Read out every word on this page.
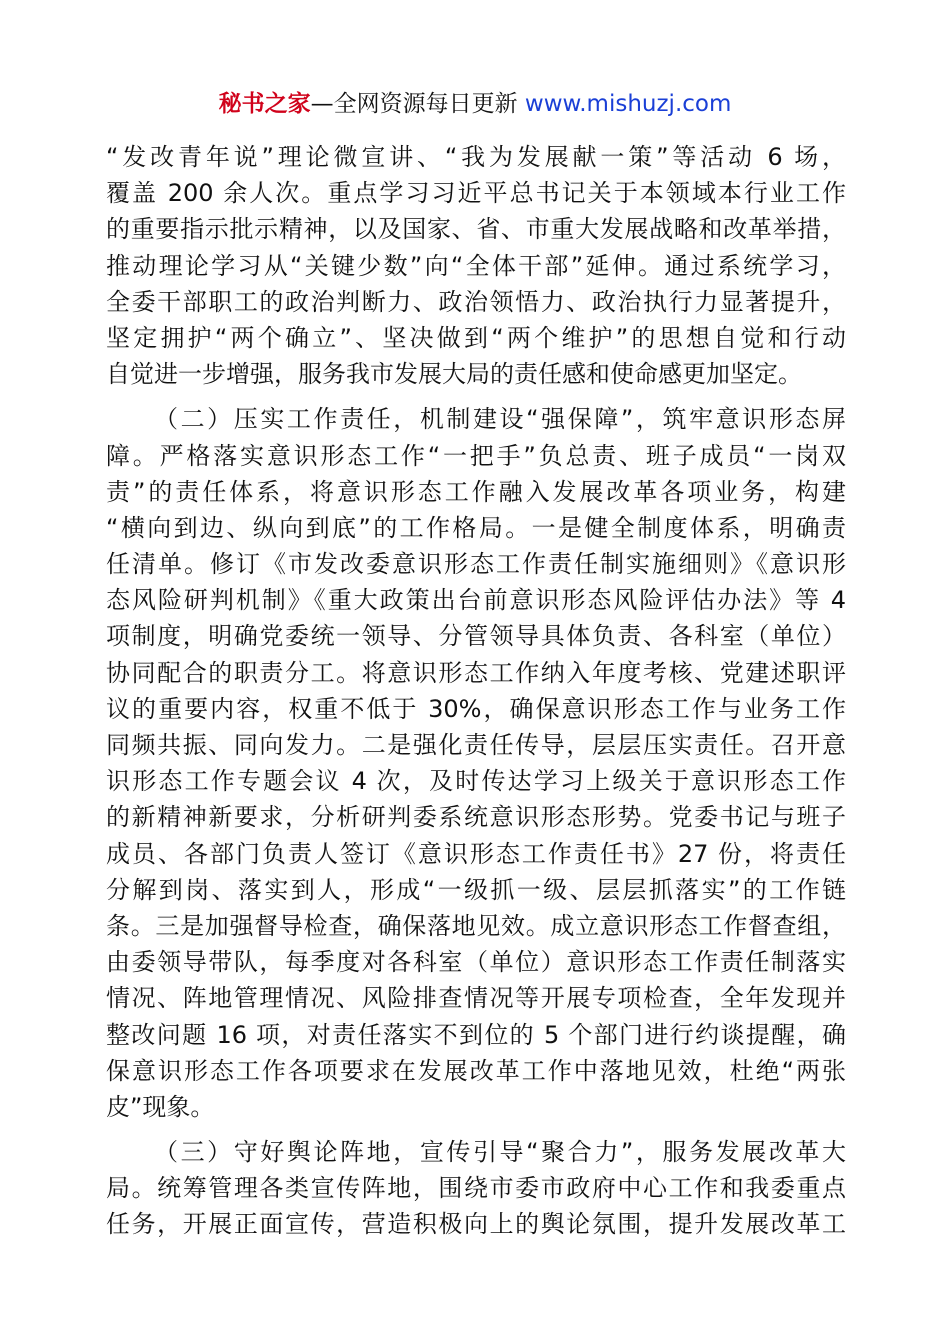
秘书之家—全网资源每日更新 www.mishuzj.com
“发改青年说”理论微宣讲、“我为发展献一策”等活动 6 场，
覆盖 200 余人次。重点学习习近平总书记关于本领域本行业工作
的重要指示批示精神，以及国家、省、市重大发展战略和改革举措，
推动理论学习从“关键少数”向“全体干部”延伸。通过系统学习，
全委干部职工的政治判断力、政治领悟力、政治执行力显著提升，
坚定拥护“两个确立”、坚决做到“两个维护”的思想自觉和行动
自觉进一步增强，服务我市发展大局的责任感和使命感更加坚定。
（二）压实工作责任，机制建设“强保障”，筑牢意识形态屏
障。严格落实意识形态工作“一把手”负总责、班子成员“一岗双
责”的责任体系，将意识形态工作融入发展改革各项业务，构建
“横向到边、纵向到底”的工作格局。一是健全制度体系，明确责
任清单。修订《市发改委意识形态工作责任制实施细则》《意识形
态风险研判机制》《重大政策出台前意识形态风险评估办法》等 4
项制度，明确党委统一领导、分管领导具体负责、各科室（单位）
协同配合的职责分工。将意识形态工作纳入年度考核、党建述职评
议的重要内容，权重不低于 30%，确保意识形态工作与业务工作
同频共振、同向发力。二是强化责任传导，层层压实责任。召开意
识形态工作专题会议 4 次，及时传达学习上级关于意识形态工作
的新精神新要求，分析研判委系统意识形态形势。党委书记与班子
成员、各部门负责人签订《意识形态工作责任书》27 份，将责任
分解到岗、落实到人，形成“一级抓一级、层层抓落实”的工作链
条。三是加强督导检查，确保落地见效。成立意识形态工作督查组，
由委领导带队，每季度对各科室（单位）意识形态工作责任制落实
情况、阵地管理情况、风险排查情况等开展专项检查，全年发现并
整改问题 16 项，对责任落实不到位的 5 个部门进行约谈提醒，确
保意识形态工作各项要求在发展改革工作中落地见效，杜绝“两张
皮”现象。
（三）守好舆论阵地，宣传引导“聚合力”，服务发展改革大
局。统筹管理各类宣传阵地，围绕市委市政府中心工作和我委重点
任务，开展正面宣传，营造积极向上的舆论氛围，提升发展改革工
